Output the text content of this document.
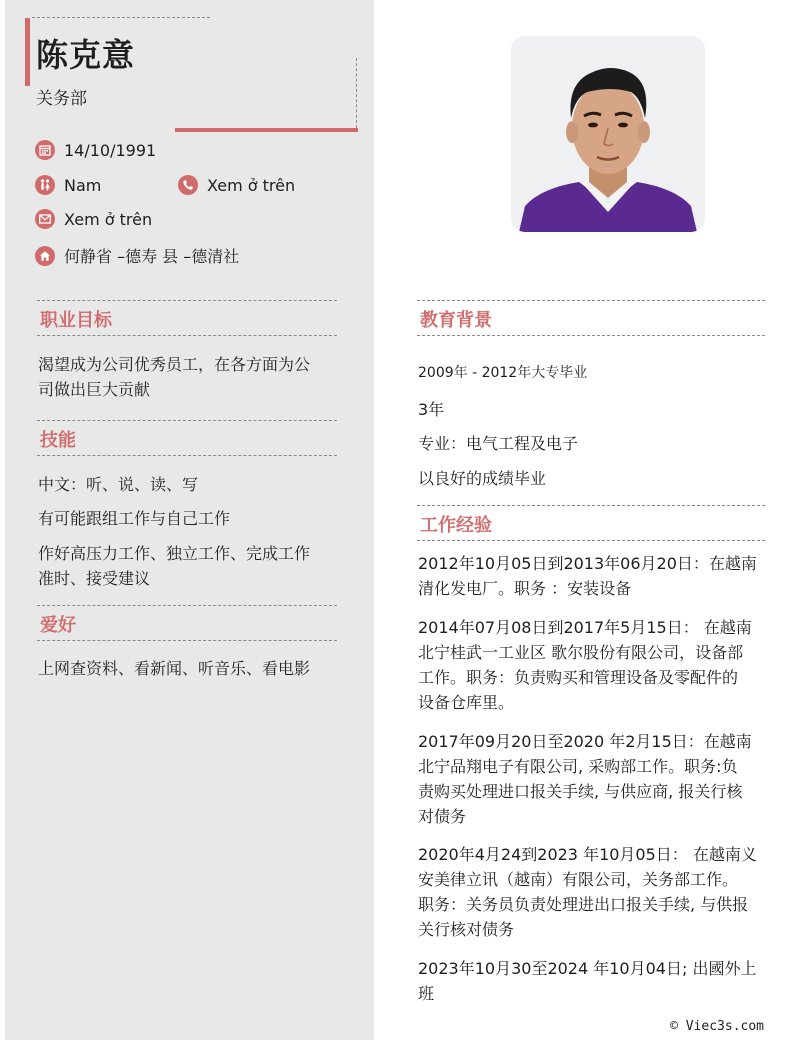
陈克意
关务部
14/10/1991
Nam	Xem ở trên
Xem ở trên
何静省 –德寿 县 –德清社
职业目标
渴望成为公司优秀员工，在各方面为公
司做出巨大贡献
技能
中文：听、说、读、写
有可能跟组工作与自己工作
作好高压力工作、独立工作、完成工作
准时、接受建议
爱好
上网查资料、看新闻、听音乐、看电影
教育背景
2009年 - 2012年大专毕业
3年
专业：电气工程及电子
以良好的成绩毕业
工作经验
2012年10月05日到2013年06月20日：在越南
清化发电厂。职务 ：安装设备
2014年07月08日到2017年5月15日： 在越南
北宁桂武一工业区 歌尔股份有限公司，设备部
工作。职务：负责购买和管理设备及零配件的
设备仓库里。
2017年09月20日至2020 年2月15日：在越南
北宁品翔电子有限公司, 采购部工作。职务:负
责购买处理进口报关手续, 与供应商, 报关行核
对债务
2020年4月24到2023 年10月05日： 在越南义
安美律立讯（越南）有限公司，关务部工作。
职务：关务员负责处理进出口报关手续, 与供报
关行核对债务
2023年10月30至2024 年10月04日; 出國外上
班
© Viec3s.com
